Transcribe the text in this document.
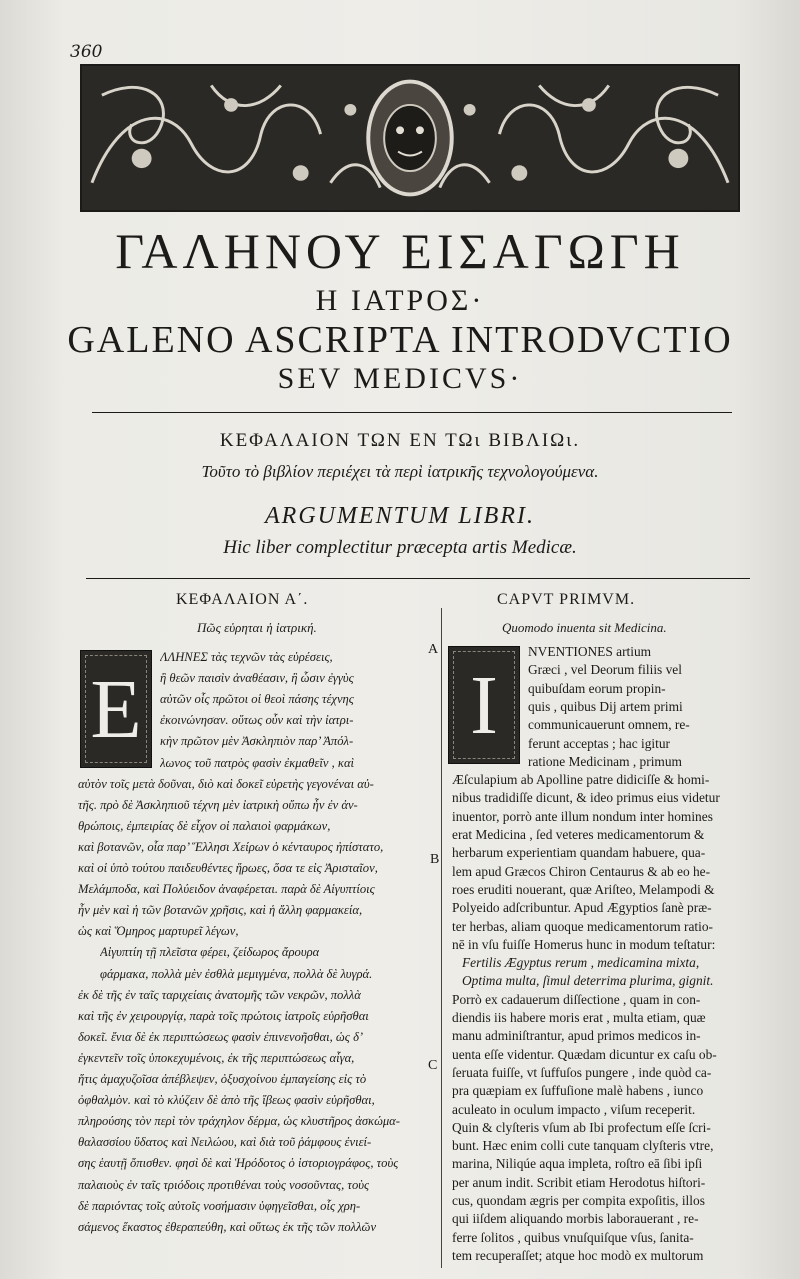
360
ΓΑΛΗΝΟΥ ΕΙΣΑΓΩΓΗ
Η ΙΑΤΡΟΣ·
GALENO ASCRIPTA INTRODVCTIO
SEV MEDICVS·
ΚΕΦΑΛΑΙΟΝ ΤΩΝ ΕΝ ΤΩι ΒΙΒΛΙΩι.
Τοῦτο τὸ βιβλίον περιέχει τὰ περὶ ἰατρικῆς τεχνολογούμενα.
ARGUMENTUM LIBRI.
Hic liber complectitur præcepta artis Medicæ.
ΚΕΦΑΛΑΙΟΝ Α΄.
Πῶς εὑρηται ἡ ἰατρική.
CAPVT PRIMVM.
Quomodo inuenta sit Medicina.
E	I
A
B
C
ΛΛΗΝΕΣ τὰς τεχνῶν τὰς εὑρέσεις,
ἢ θεῶν παισὶν ἀναθέασιν, ἢ ὧσιν ἐγγὺς
αὐτῶν οἷς πρῶτοι οἱ θεοὶ πάσης τέχνης
ἐκοινώνησαν. οὕτως οὖν καὶ τὴν ἰατρι-
κὴν πρῶτον μὲν Ἀσκληπιὸν παρ’ Ἀπόλ-
λωνος τοῦ πατρὸς φασὶν ἐκμαθεῖν , καὶ
αὐτὸν τοῖς μετὰ δοῦναι, διὸ καὶ δοκεῖ εὑρετὴς γεγονέναι αὐ-
τῆς. πρὸ δὲ Ἀσκληπιοῦ τέχνη μὲν ἰατρικὴ οὔπω ἦν ἐν ἀν-
θρώποις, ἐμπειρίας δὲ εἶχον οἱ παλαιοὶ φαρμάκων,
καὶ βοτανῶν, οἷα παρ’ Ἕλλησι Χείρων ὁ κένταυρος ἠπίστατο,
καὶ οἱ ὑπὸ τούτου παιδευθέντες ἥρωες, ὅσα τε εἰς Ἀρισταῖον,
Μελάμποδα, καὶ Πολύειδον ἀναφέρεται. παρὰ δὲ Αἰγυπτίοις
ἦν μὲν καὶ ἡ τῶν βοτανῶν χρῆσις, καὶ ἡ ἄλλη φαρμακεία,
ὡς καὶ Ὅμηρος μαρτυρεῖ λέγων,
Αἰγυπτίη τῇ πλεῖστα φέρει, ζείδωρος ἄρουρα
φάρμακα, πολλὰ μὲν ἐσθλὰ μεμιγμένα, πολλὰ δὲ λυγρά.
ἐκ δὲ τῆς ἐν ταῖς ταριχείαις ἀνατομῆς τῶν νεκρῶν, πολλὰ
καὶ τῆς ἐν χειρουργίᾳ, παρὰ τοῖς πρώτοις ἰατροῖς εὑρῆσθαι
δοκεῖ. ἔνια δὲ ἐκ περιπτώσεως φασὶν ἐπινενοῆσθαι, ὡς δ’
ἐγκεντεῖν τοῖς ὑποκεχυμένοις, ἐκ τῆς περιπτώσεως αἶγα,
ἥτις ἀμαχυζοῖσα ἀπέβλεψεν, ὀξυσχοίνου ἐμπαγείσης εἰς τὸ
ὀφθαλμὸν. καὶ τὸ κλύζειν δὲ ἀπὸ τῆς ἴβεως φασὶν εὑρῆσθαι,
πληρούσης τὸν περὶ τὸν τράχηλον δέρμα, ὡς κλυστῆρος ἀσκώμα-
θαλασσίου ὕδατος καὶ Νειλώου, καὶ διὰ τοῦ ῥάμφους ἐνιεί-
σης ἑαυτῇ ὄπισθεν. φησὶ δὲ καὶ Ἡρόδοτος ὁ ἱστοριογράφος, τοὺς
παλαιοὺς ἐν ταῖς τριόδοις προτιθέναι τοὺς νοσοῦντας, τοὺς
δὲ παριόντας τοῖς αὐτοῖς νοσήμασιν ὑφηγεῖσθαι, οἷς χρη-
σάμενος ἕκαστος ἐθεραπεύθη, καὶ οὕτως ἐκ τῆς τῶν πολλῶν
NVENTIONES artium
Græci , vel Deorum filiis vel
quibuſdam eorum propin-
quis , quibus Dij artem primi
communicauerunt omnem, re-
ferunt acceptas ; hac igitur
ratione Medicinam , primum
Æſculapium ab Apolline patre didiciſſe & homi-
nibus tradidiſſe dicunt, & ideo primus eius videtur
inuentor, porrò ante illum nondum inter homines
erat Medicina , ſed veteres medicamentorum &
herbarum experientiam quandam habuere, qua-
lem apud Græcos Chiron Centaurus & ab eo he-
roes eruditi nouerant, quæ Ariſteo, Melampodi &
Polyeido adſcribuntur. Apud Ægyptios ſanè præ-
ter herbas, aliam quoque medicamentorum ratio-
nē in vſu fuiſſe Homerus hunc in modum teſtatur:
Fertilis Ægyptus rerum , medicamina mixta,
Optima multa, ſimul deterrima plurima, gignit.
Porrò ex cadauerum diſſectione , quam in con-
diendis iis habere moris erat , multa etiam, quæ
manu adminiſtrantur, apud primos medicos in-
uenta eſſe videntur. Quædam dicuntur ex caſu ob-
ſeruata fuiſſe, vt ſuffuſos pungere , inde quòd ca-
pra quæpiam ex ſuffuſione malè habens , iunco
aculeato in oculum impacto , viſum receperit.
Quin & clyſteris vſum ab Ibi profectum eſſe ſcri-
bunt. Hæc enim colli cute tanquam clyſteris vtre,
marina, Niliqúe aqua impleta, roſtro eā ſibi ipſi
per anum indit. Scribit etiam Herodotus hiſtori-
cus, quondam ægris per compita expoſitis, illos
qui iiſdem aliquando morbis laborauerant , re-
ferre ſolitos , quibus vnuſquiſque vſus, ſanita-
tem recuperaſſet; atque hoc modò ex multorum
